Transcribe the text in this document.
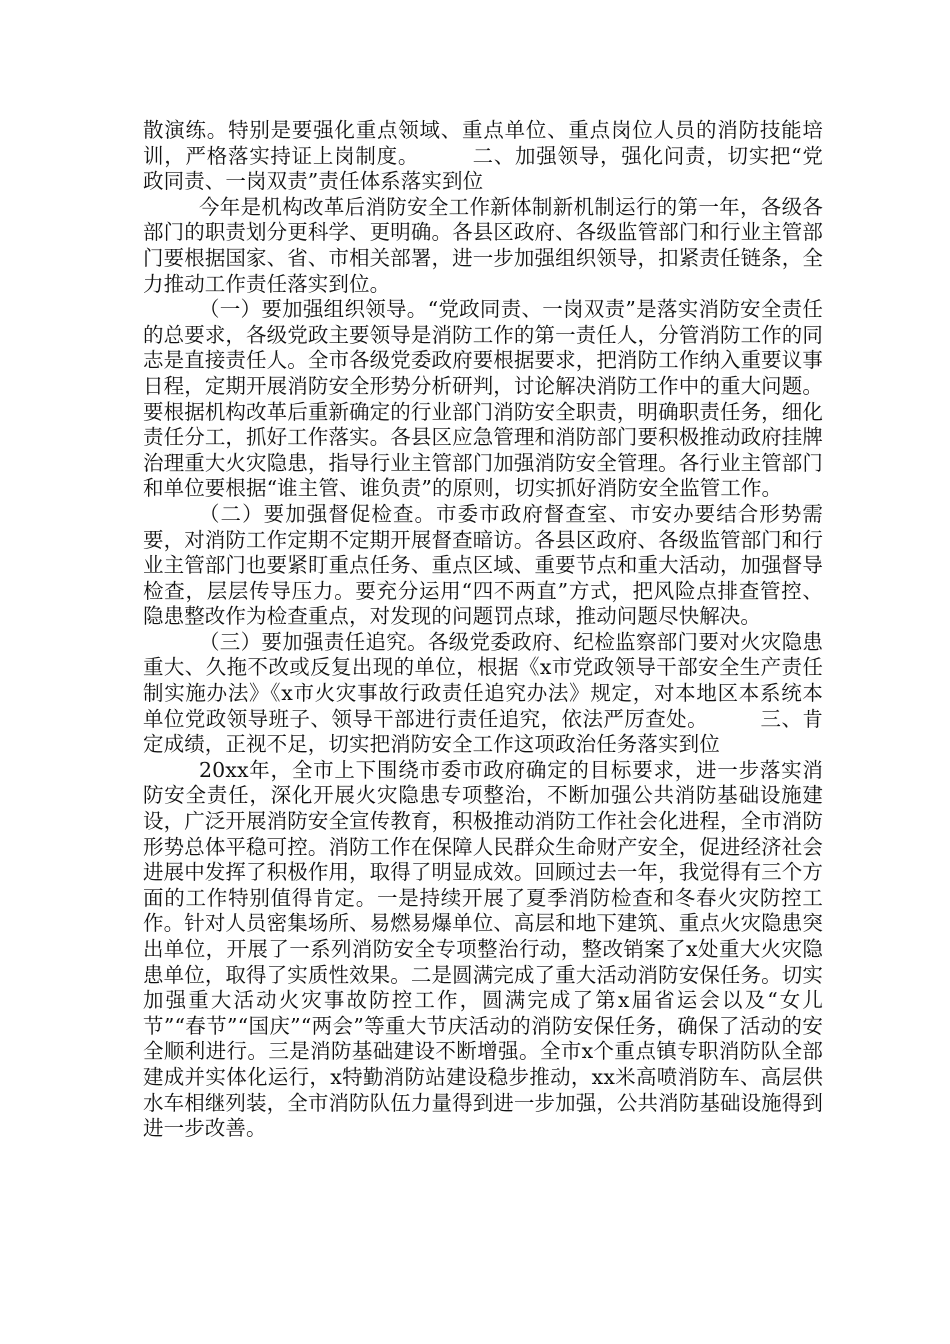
散演练。特别是要强化重点领域、重点单位、重点岗位人员的消防技能培训，严格落实持证上岗制度。　　　二、加强领导，强化问责，切实把“党政同责、一岗双责”责任体系落实到位

今年是机构改革后消防安全工作新体制新机制运行的第一年，各级各部门的职责划分更科学、更明确。各县区政府、各级监管部门和行业主管部门要根据国家、省、市相关部署，进一步加强组织领导，扣紧责任链条，全力推动工作责任落实到位。

（一）要加强组织领导。“党政同责、一岗双责”是落实消防安全责任的总要求，各级党政主要领导是消防工作的第一责任人，分管消防工作的同志是直接责任人。全市各级党委政府要根据要求，把消防工作纳入重要议事日程，定期开展消防安全形势分析研判，讨论解决消防工作中的重大问题。要根据机构改革后重新确定的行业部门消防安全职责，明确职责任务，细化责任分工，抓好工作落实。各县区应急管理和消防部门要积极推动政府挂牌治理重大火灾隐患，指导行业主管部门加强消防安全管理。各行业主管部门和单位要根据“谁主管、谁负责”的原则，切实抓好消防安全监管工作。

（二）要加强督促检查。市委市政府督查室、市安办要结合形势需要，对消防工作定期不定期开展督查暗访。各县区政府、各级监管部门和行业主管部门也要紧盯重点任务、重点区域、重要节点和重大活动，加强督导检查，层层传导压力。要充分运用“四不两直”方式，把风险点排查管控、隐患整改作为检查重点，对发现的问题罚点球，推动问题尽快解决。

（三）要加强责任追究。各级党委政府、纪检监察部门要对火灾隐患重大、久拖不改或反复出现的单位，根据《x市党政领导干部安全生产责任制实施办法》《x市火灾事故行政责任追究办法》规定，对本地区本系统本单位党政领导班子、领导干部进行责任追究，依法严厉查处。　　　三、肯定成绩，正视不足，切实把消防安全工作这项政治任务落实到位

20xx年，全市上下围绕市委市政府确定的目标要求，进一步落实消防安全责任，深化开展火灾隐患专项整治，不断加强公共消防基础设施建设，广泛开展消防安全宣传教育，积极推动消防工作社会化进程，全市消防形势总体平稳可控。消防工作在保障人民群众生命财产安全，促进经济社会进展中发挥了积极作用，取得了明显成效。回顾过去一年，我觉得有三个方面的工作特别值得肯定。一是持续开展了夏季消防检查和冬春火灾防控工作。针对人员密集场所、易燃易爆单位、高层和地下建筑、重点火灾隐患突出单位，开展了一系列消防安全专项整治行动，整改销案了x处重大火灾隐患单位，取得了实质性效果。二是圆满完成了重大活动消防安保任务。切实加强重大活动火灾事故防控工作，圆满完成了第x届省运会以及“女儿节”“春节”“国庆”“两会”等重大节庆活动的消防安保任务，确保了活动的安全顺利进行。三是消防基础建设不断增强。全市x个重点镇专职消防队全部建成并实体化运行，x特勤消防站建设稳步推动，xx米高喷消防车、高层供水车相继列装，全市消防队伍力量得到进一步加强，公共消防基础设施得到进一步改善。
